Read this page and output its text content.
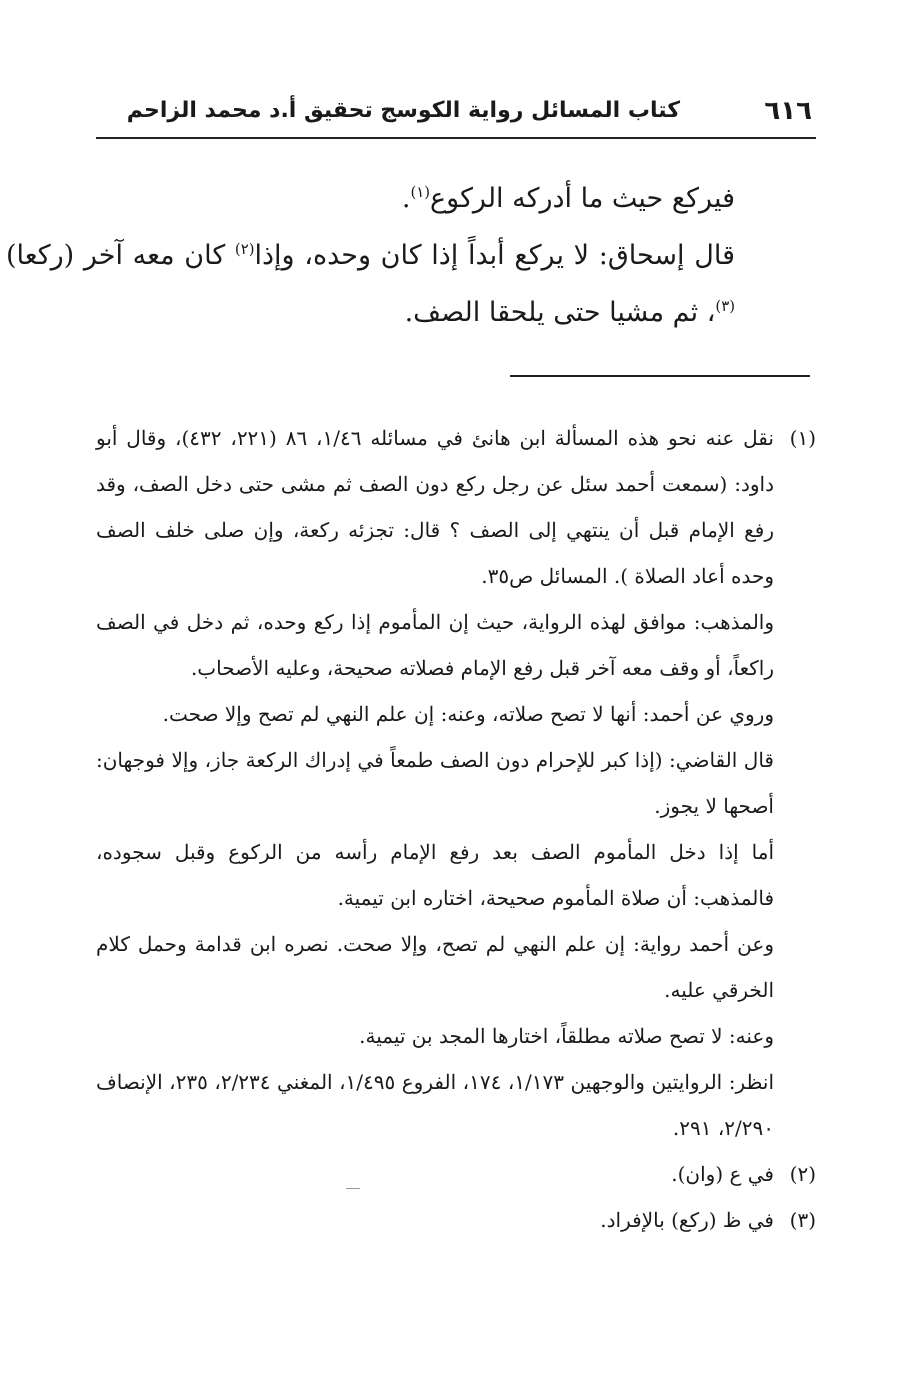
٦١٦
كتاب المسائل رواية الكوسج تحقيق أ.د محمد الزاحم

فيركع حيث ما أدركه الركوع$^{(١)}$.

قال إسحاق: لا يركع أبداً إذا كان وحده، وإذا$^{(٢)}$ كان معه آخر (ركعا)$^{(٣)}$، ثم مشيا حتى يلحقا الصف.

(١)

نقل عنه نحو هذه المسألة ابن هانئ في مسائله ١/٤٦، ٨٦ (٢٢١، ٤٣٢)، وقال أبو داود: (سمعت أحمد سئل عن رجل ركع دون الصف ثم مشى حتى دخل الصف، وقد رفع الإمام قبل أن ينتهي إلى الصف ؟ قال: تجزئه ركعة، وإن صلى خلف الصف وحده أعاد الصلاة ). المسائل ص٣٥.

والمذهب: موافق لهذه الرواية، حيث إن المأموم إذا ركع وحده، ثم دخل في الصف راكعاً، أو وقف معه آخر قبل رفع الإمام فصلاته صحيحة، وعليه الأصحاب.

وروي عن أحمد: أنها لا تصح صلاته، وعنه: إن علم النهي لم تصح وإلا صحت.

قال القاضي: (إذا كبر للإحرام دون الصف طمعاً في إدراك الركعة جاز، وإلا فوجهان: أصحها لا يجوز.

أما إذا دخل المأموم الصف بعد رفع الإمام رأسه من الركوع وقبل سجوده، فالمذهب: أن صلاة المأموم صحيحة، اختاره ابن تيمية.

وعن أحمد رواية: إن علم النهي لم تصح، وإلا صحت. نصره ابن قدامة وحمل كلام الخرقي عليه.

وعنه: لا تصح صلاته مطلقاً، اختارها المجد بن تيمية.

انظر: الروايتين والوجهين ١/١٧٣، ١٧٤، الفروع ١/٤٩٥، المغني ٢/٢٣٤، ٢٣٥، الإنصاف ٢/٢٩٠، ٢٩١.

(٢)

في ع (وان).

(٣)

في ظ (ركع) بالإفراد.
